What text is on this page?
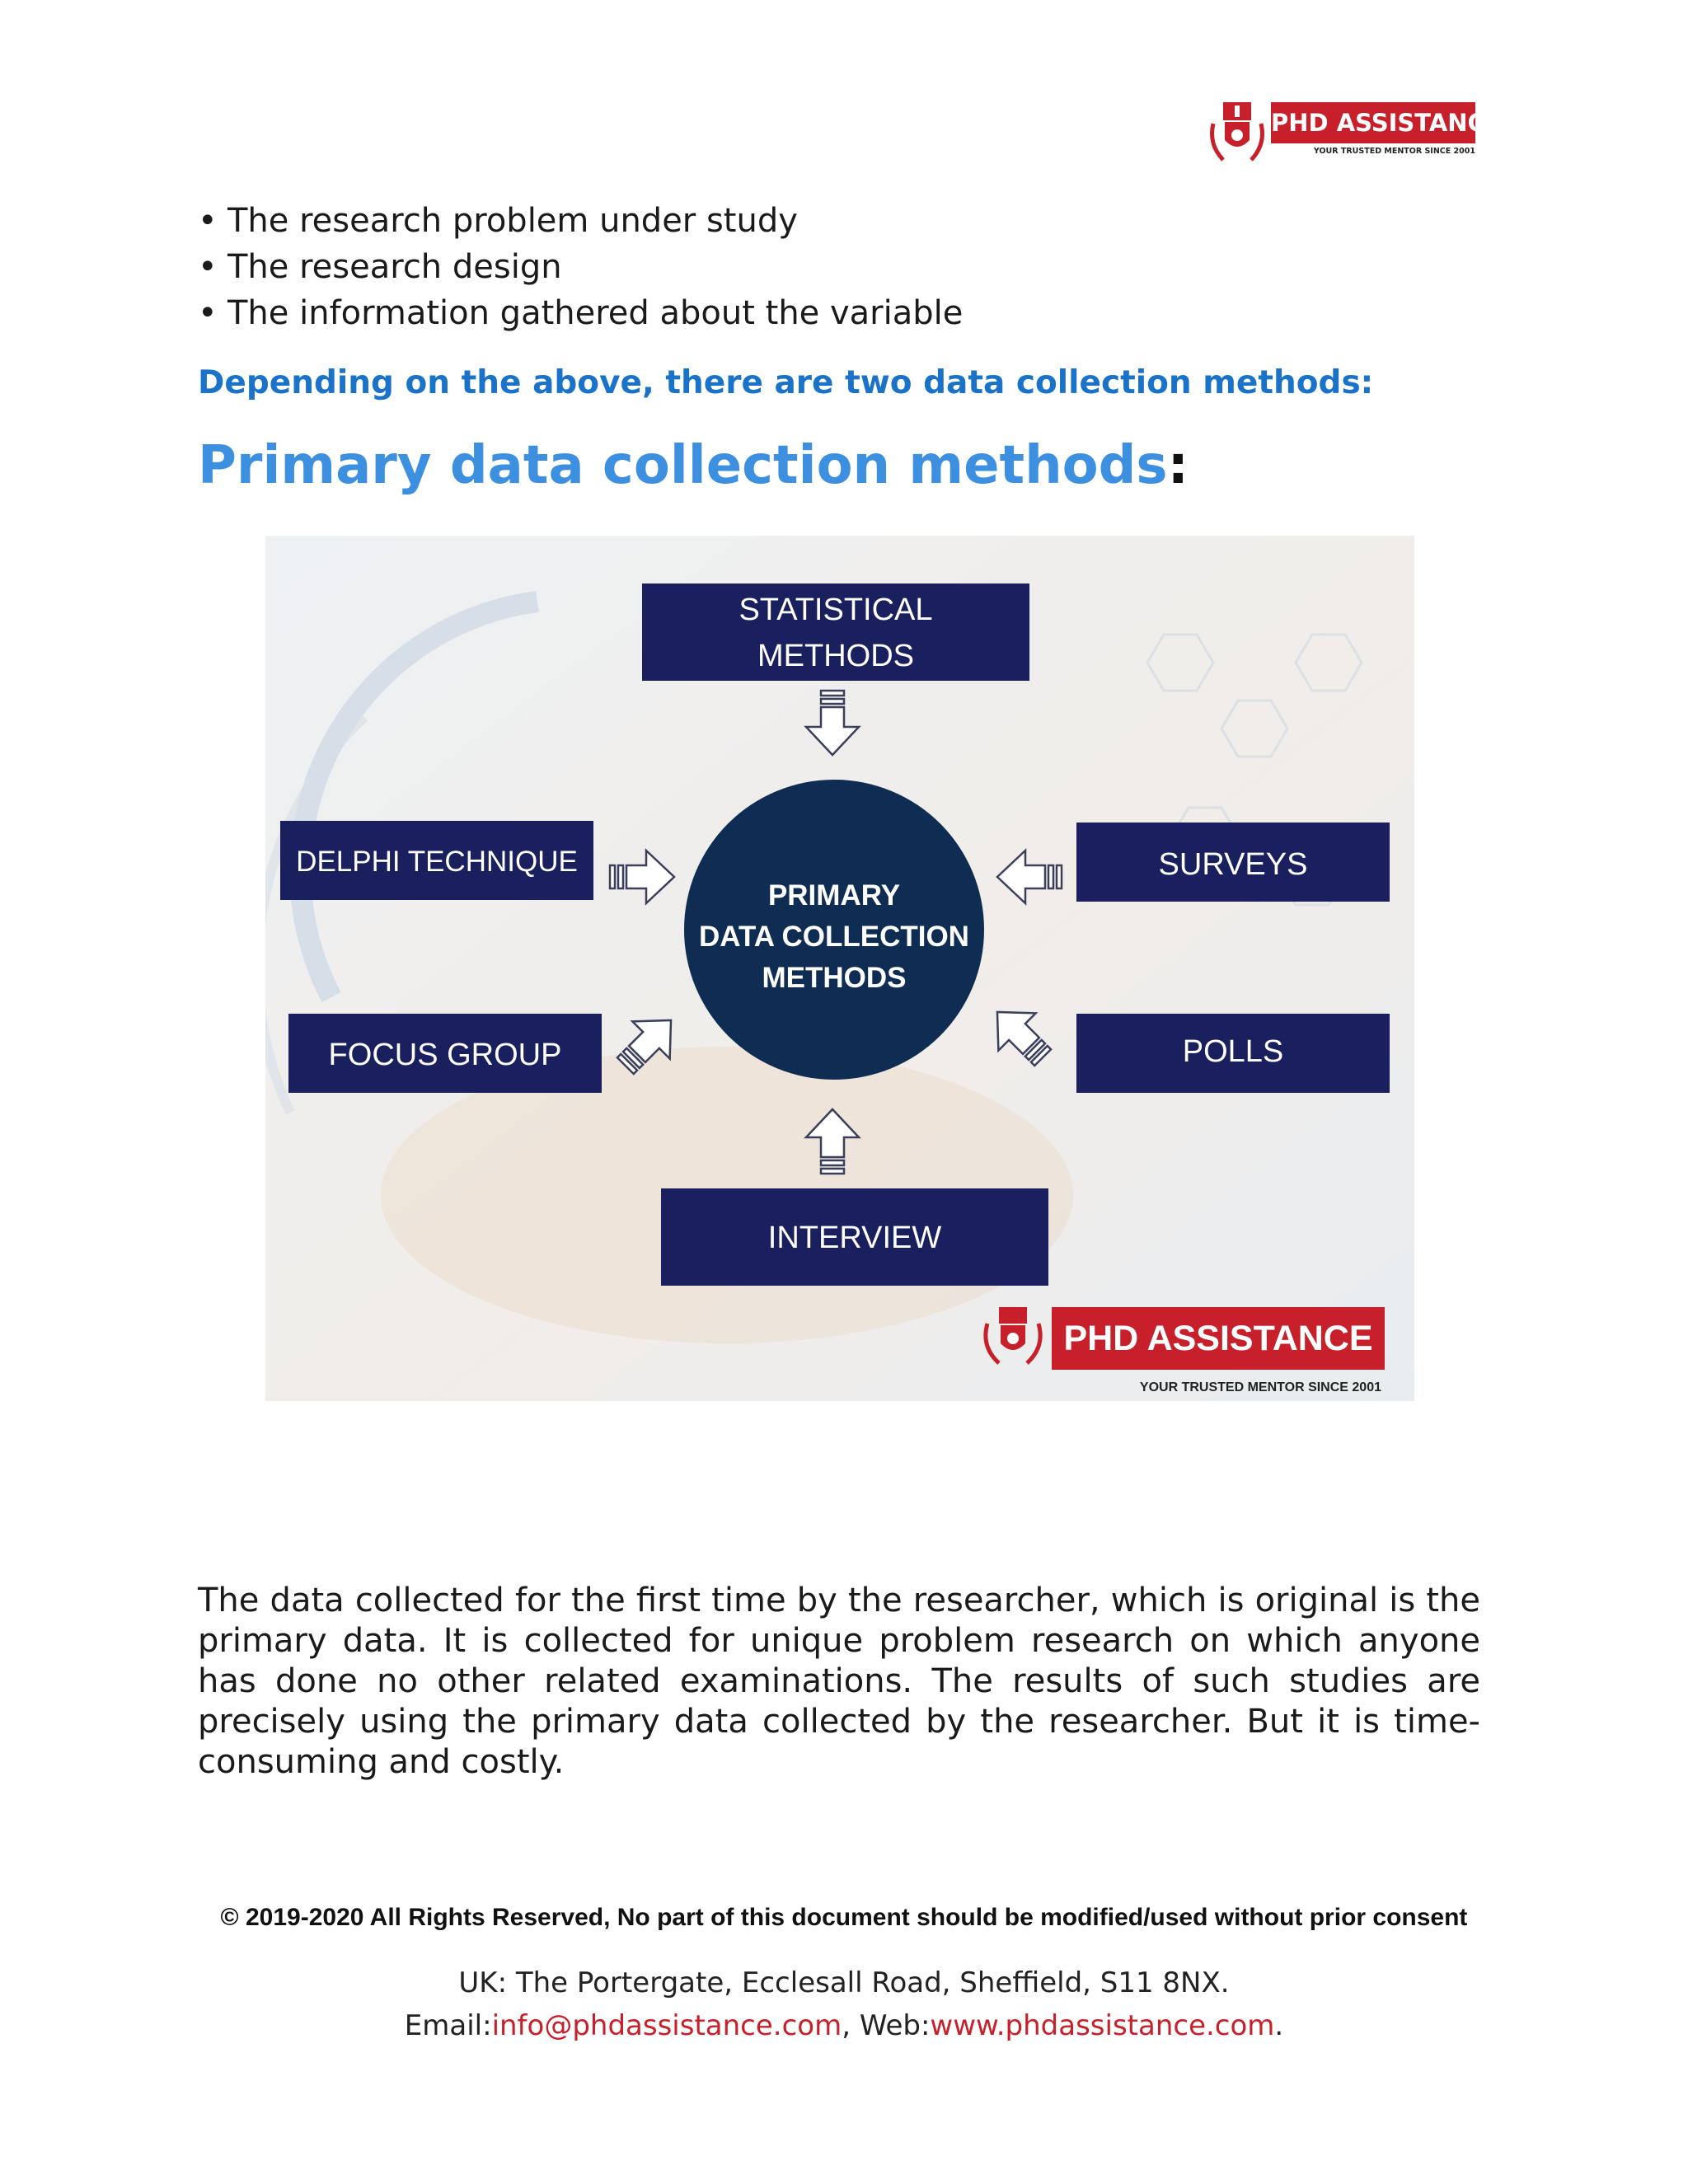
PHD ASSISTANCE
YOUR TRUSTED MENTOR SINCE 2001
• The research problem under study
• The research design
• The information gathered about the variable

Depending on the above, there are two data collection methods:

Primary data collection methods:
PRIMARY
DATA COLLECTION
METHODS
STATISTICAL
METHODS
DELPHI TECHNIQUE	SURVEYS
FOCUS GROUP	POLLS
INTERVIEW
PHD ASSISTANCE
YOUR TRUSTED MENTOR SINCE 2001

The data collected for the first time by the researcher, which is original is the primary data. It is collected for unique problem research on which anyone has done no other related examinations. The results of such studies are precisely using the primary data collected by the researcher. But it is time-consuming and costly.

© 2019-2020 All Rights Reserved, No part of this document should be modified/used without prior consent
UK: The Portergate, Ecclesall Road, Sheffield, S11 8NX.
Email:info@phdassistance.com, Web:www.phdassistance.com.
